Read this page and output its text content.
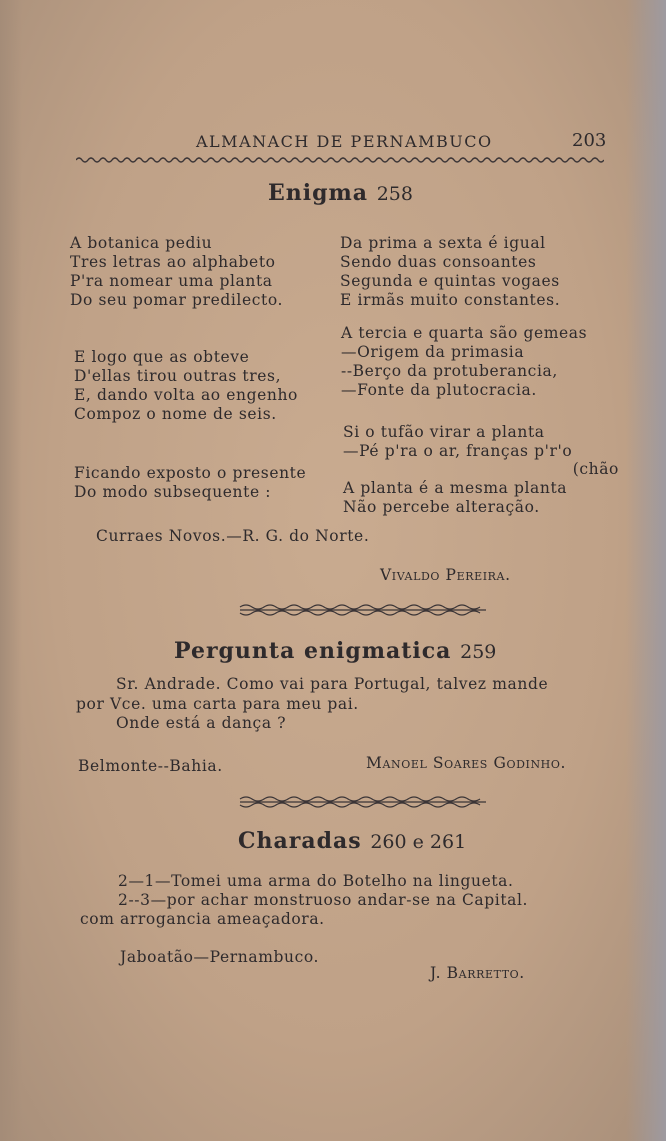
ALMANACH DE PERNAMBUCO	203
Enigma 258
A botanica pediu
Tres letras ao alphabeto
P'ra nomear uma planta
Do seu pomar predilecto.
E logo que as obteve
D'ellas tirou outras tres,
E, dando volta ao engenho
Compoz o nome de seis.
Ficando exposto o presente
Do modo subsequente :
Da prima a sexta é igual
Sendo duas consoantes
Segunda e quintas vogaes
E irmãs muito constantes.
A tercia e quarta são gemeas
—Origem da primasia
--Berço da protuberancia,
—Fonte da plutocracia.
Si o tufão virar a planta
—Pé p'ra o ar, franças p'r'o
(chão
A planta é a mesma planta
Não percebe alteração.
Curraes Novos.—R. G. do Norte.
Vivaldo Pereira.
Pergunta enigmatica 259
Sr. Andrade. Como vai para Portugal, talvez mande
por Vce. uma carta para meu pai.
Onde está a dança ?
Belmonte--Bahia.	Manoel Soares Godinho.
Charadas 260 e 261
2—1—Tomei uma arma do Botelho na lingueta.
2--3—por achar monstruoso andar-se na Capital.
com arrogancia ameaçadora.
Jaboatão—Pernambuco.
J. Barretto.
